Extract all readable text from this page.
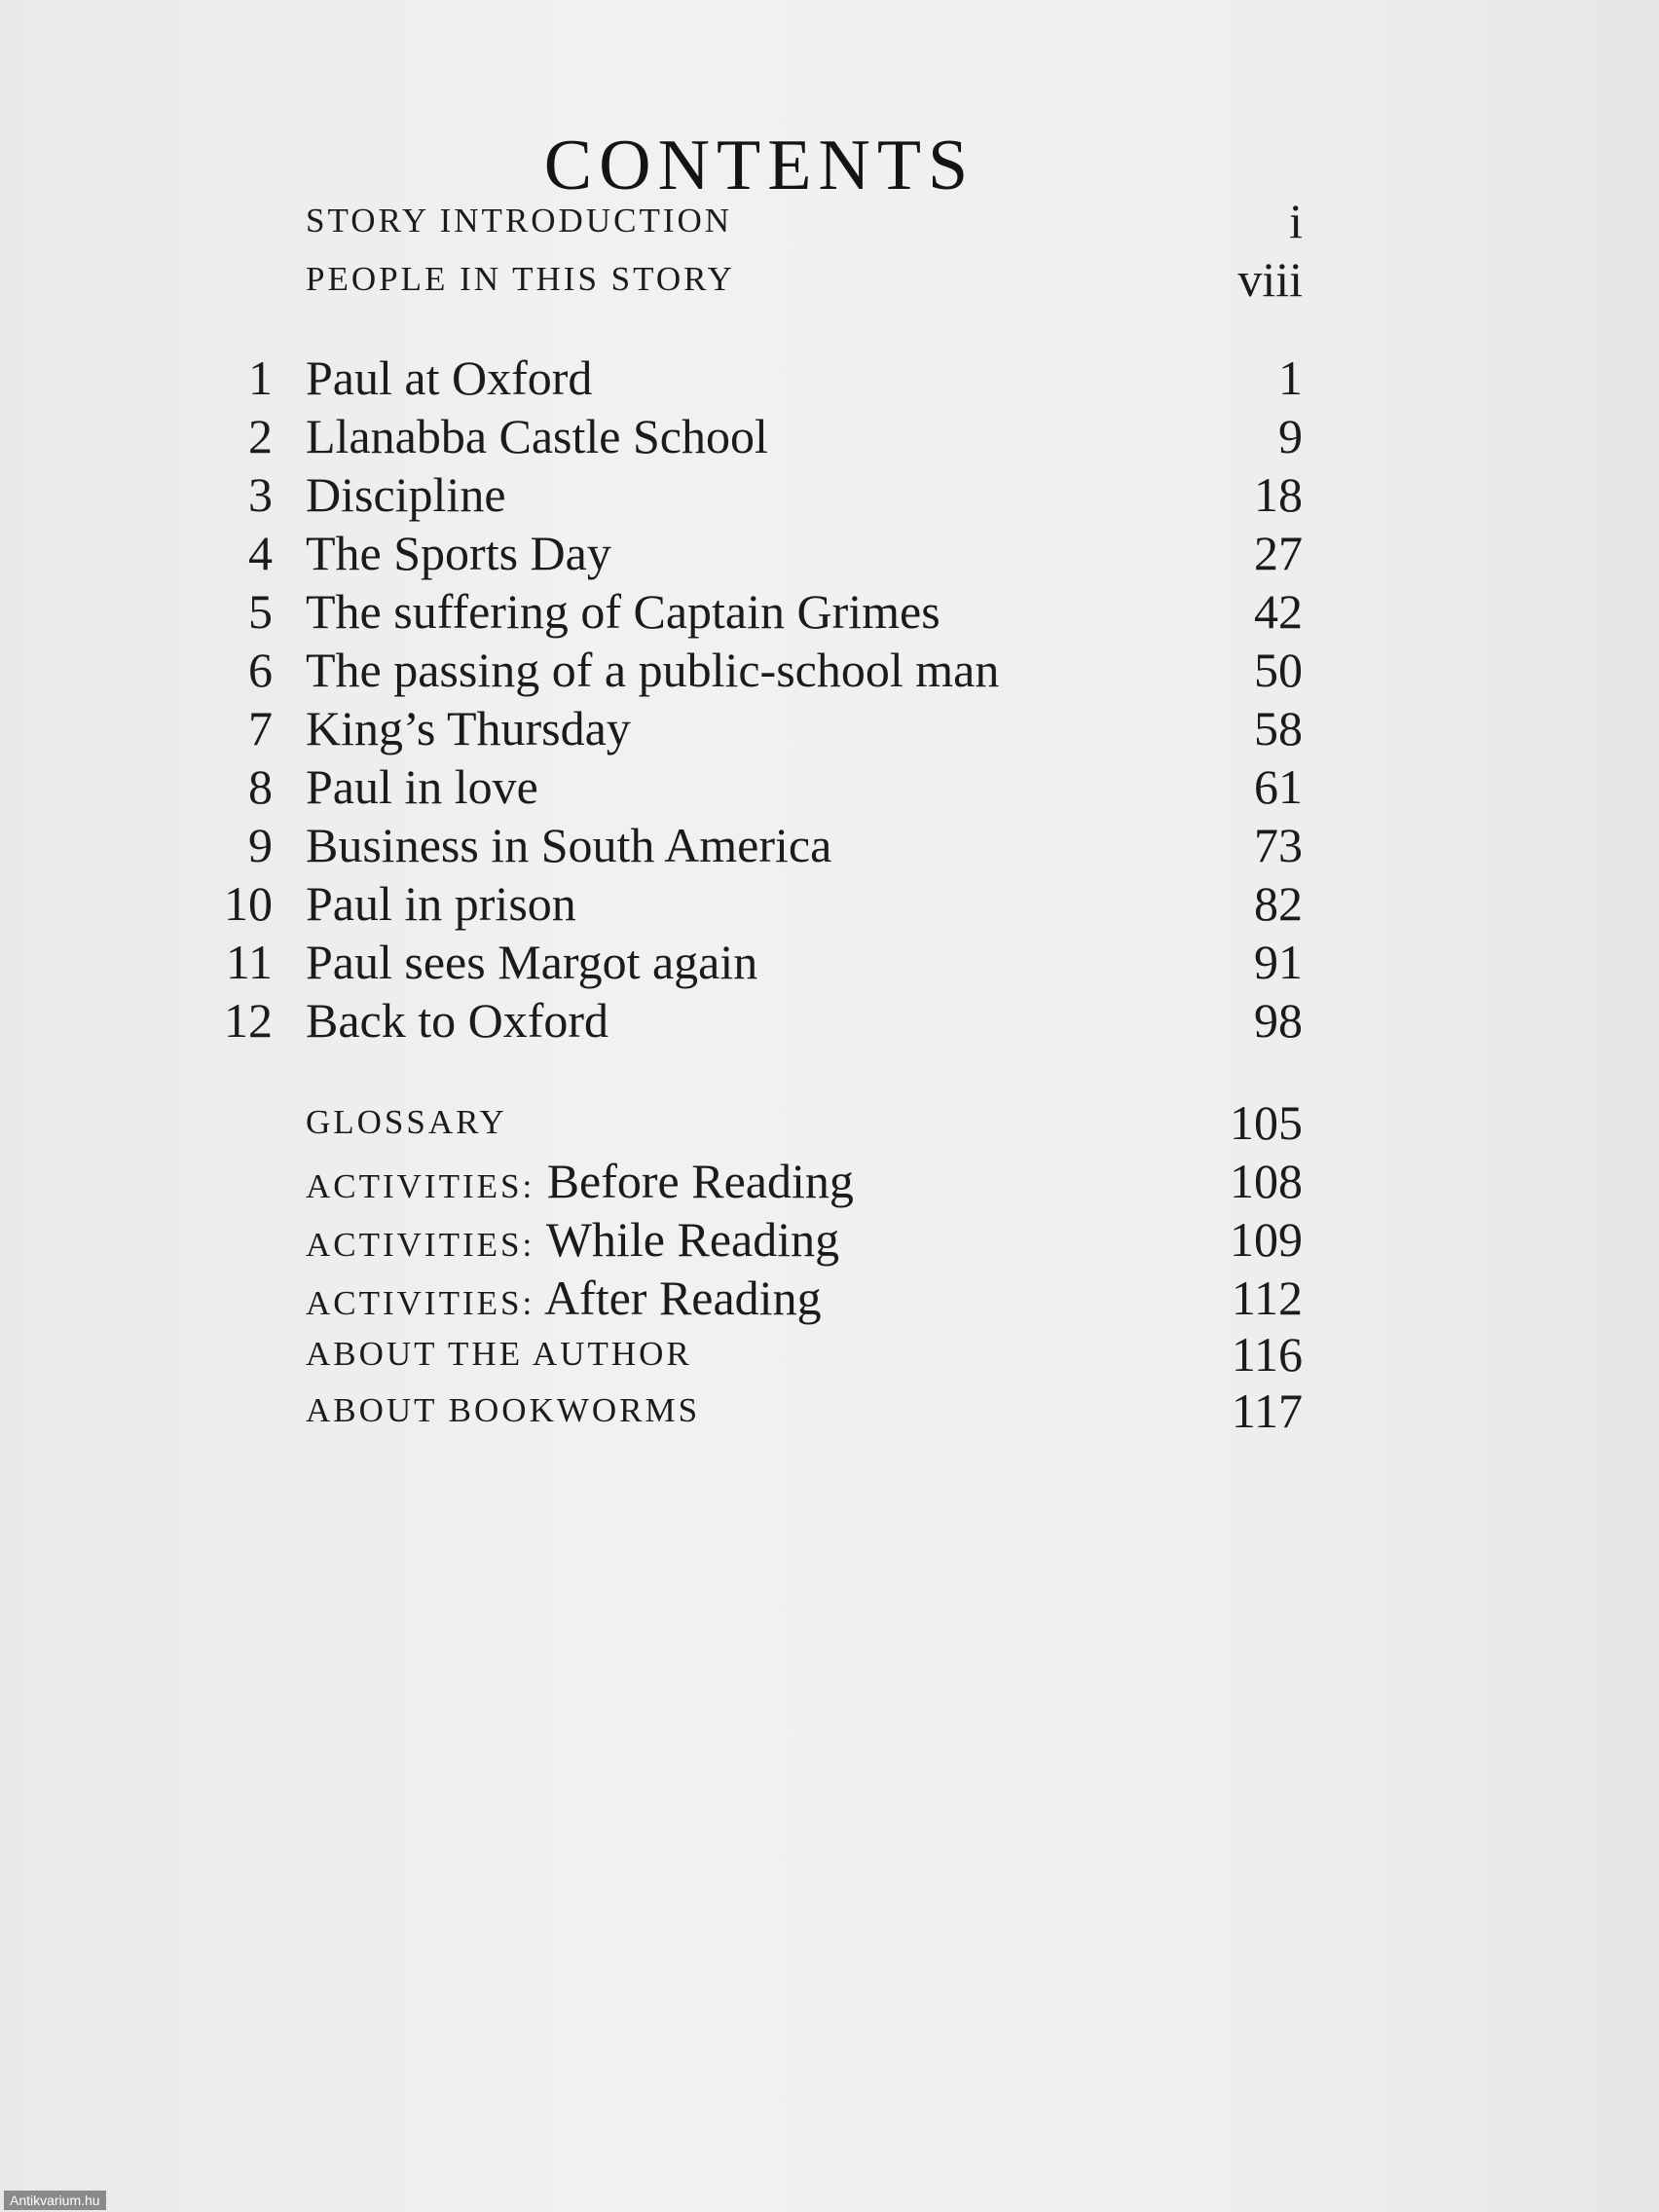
CONTENTS
STORY INTRODUCTION	i
PEOPLE IN THIS STORY	viii
1 Paul at Oxford	1
2 Llanabba Castle School	9
3 Discipline	18
4 The Sports Day	27
5 The suffering of Captain Grimes	42
6 The passing of a public-school man	50
7 King’s Thursday	58
8 Paul in love	61
9 Business in South America	73
10 Paul in prison	82
11 Paul sees Margot again	91
12 Back to Oxford	98
GLOSSARY	105
ACTIVITIES: Before Reading	108
ACTIVITIES: While Reading	109
ACTIVITIES: After Reading	112
ABOUT THE AUTHOR	116
ABOUT BOOKWORMS	117
Antikvarium.hu
